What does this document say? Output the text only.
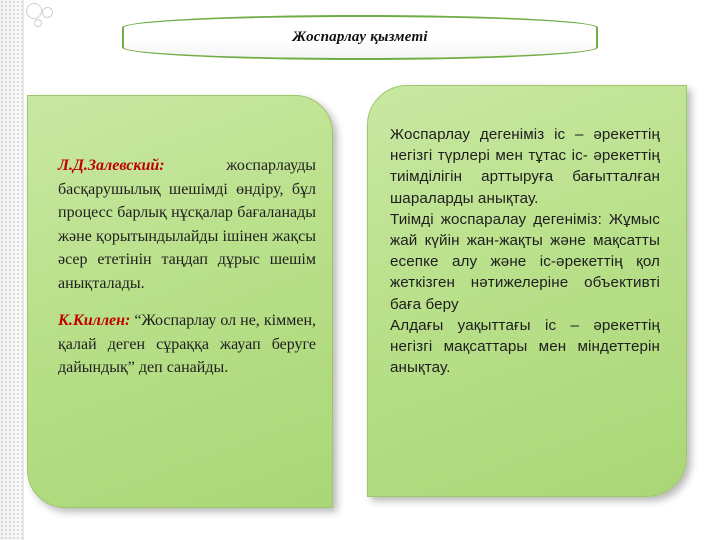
Жоспарлау қызметі

Л.Д.Залевский: жоспарлауды басқарушылық шешімді өндіру, бұл процесс барлық нұсқалар бағаланады және қорытындылайды ішінен жақсы әсер ететінін таңдап дұрыс шешім анықталады.

К.Киллен: “Жоспарлау ол не, кіммен, қалай деген сұраққа жауап беруге дайындық” деп санайды.

Жоспарлау дегеніміз іс – әрекеттің негізгі түрлері мен тұтас іс- әрекеттің тиімділігін арттыруға бағытталған шараларды анықтау.

Тиімді жоспаралау дегеніміз: Жұмыс жай күйін жан-жақты және мақсатты есепке алу және іс-әрекеттің қол жеткізген нәтижелеріне объективті баға беру

Алдағы уақыттағы іс – әрекеттің негізгі мақсаттары мен міндеттерін анықтау.
